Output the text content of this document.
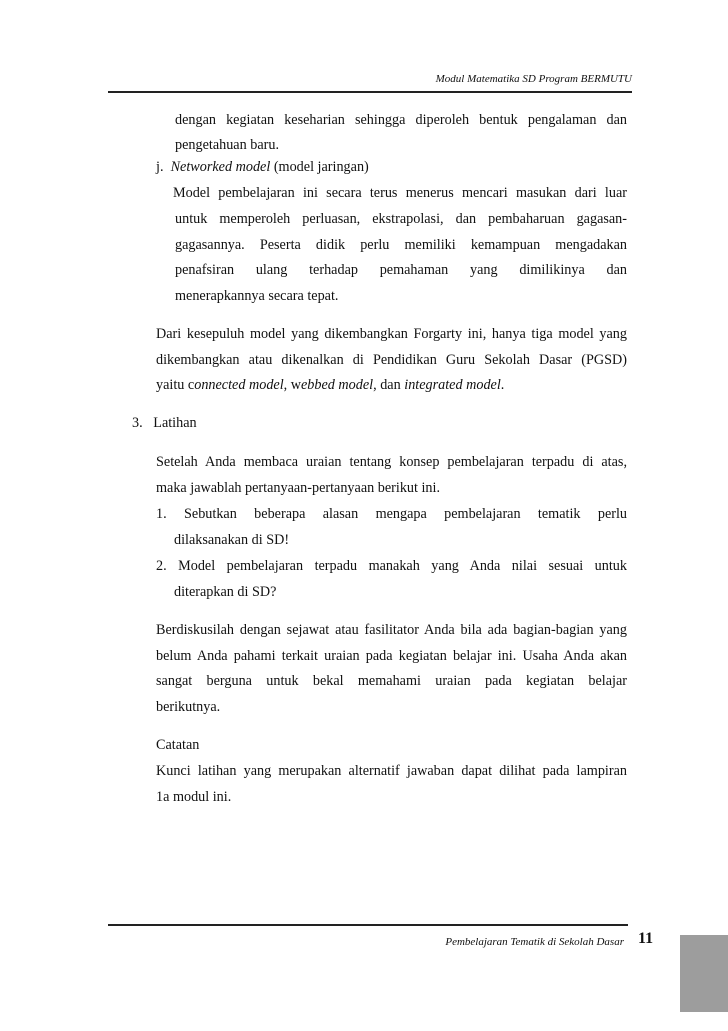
Modul Matematika SD Program BERMUTU
dengan kegiatan keseharian sehingga diperoleh bentuk pengalaman dan
pengetahuan baru.
j. Networked model (model jaringan)
Model pembelajaran ini secara terus menerus mencari masukan dari luar
untuk memperoleh perluasan, ekstrapolasi, dan pembaharuan gagasan-
gagasannya. Peserta didik perlu memiliki kemampuan mengadakan
penafsiran ulang terhadap pemahaman yang dimilikinya dan
menerapkannya secara tepat.
Dari kesepuluh model yang dikembangkan Forgarty ini, hanya tiga model yang
dikembangkan atau dikenalkan di Pendidikan Guru Sekolah Dasar (PGSD)
yaitu connected model, webbed model, dan integrated model.
3.   Latihan
Setelah Anda membaca uraian tentang konsep pembelajaran terpadu di atas,
maka jawablah pertanyaan-pertanyaan berikut ini.
1. Sebutkan beberapa alasan mengapa pembelajaran tematik perlu
dilaksanakan di SD!
2. Model pembelajaran terpadu manakah yang Anda nilai sesuai untuk
diterapkan di SD?
Berdiskusilah dengan sejawat atau fasilitator Anda bila ada bagian-bagian yang
belum Anda pahami terkait uraian pada kegiatan belajar ini. Usaha Anda akan
sangat berguna untuk bekal memahami uraian pada kegiatan belajar
berikutnya.
Catatan
Kunci latihan yang merupakan alternatif jawaban dapat dilihat pada lampiran
1a modul ini.
Pembelajaran Tematik di Sekolah Dasar 11
